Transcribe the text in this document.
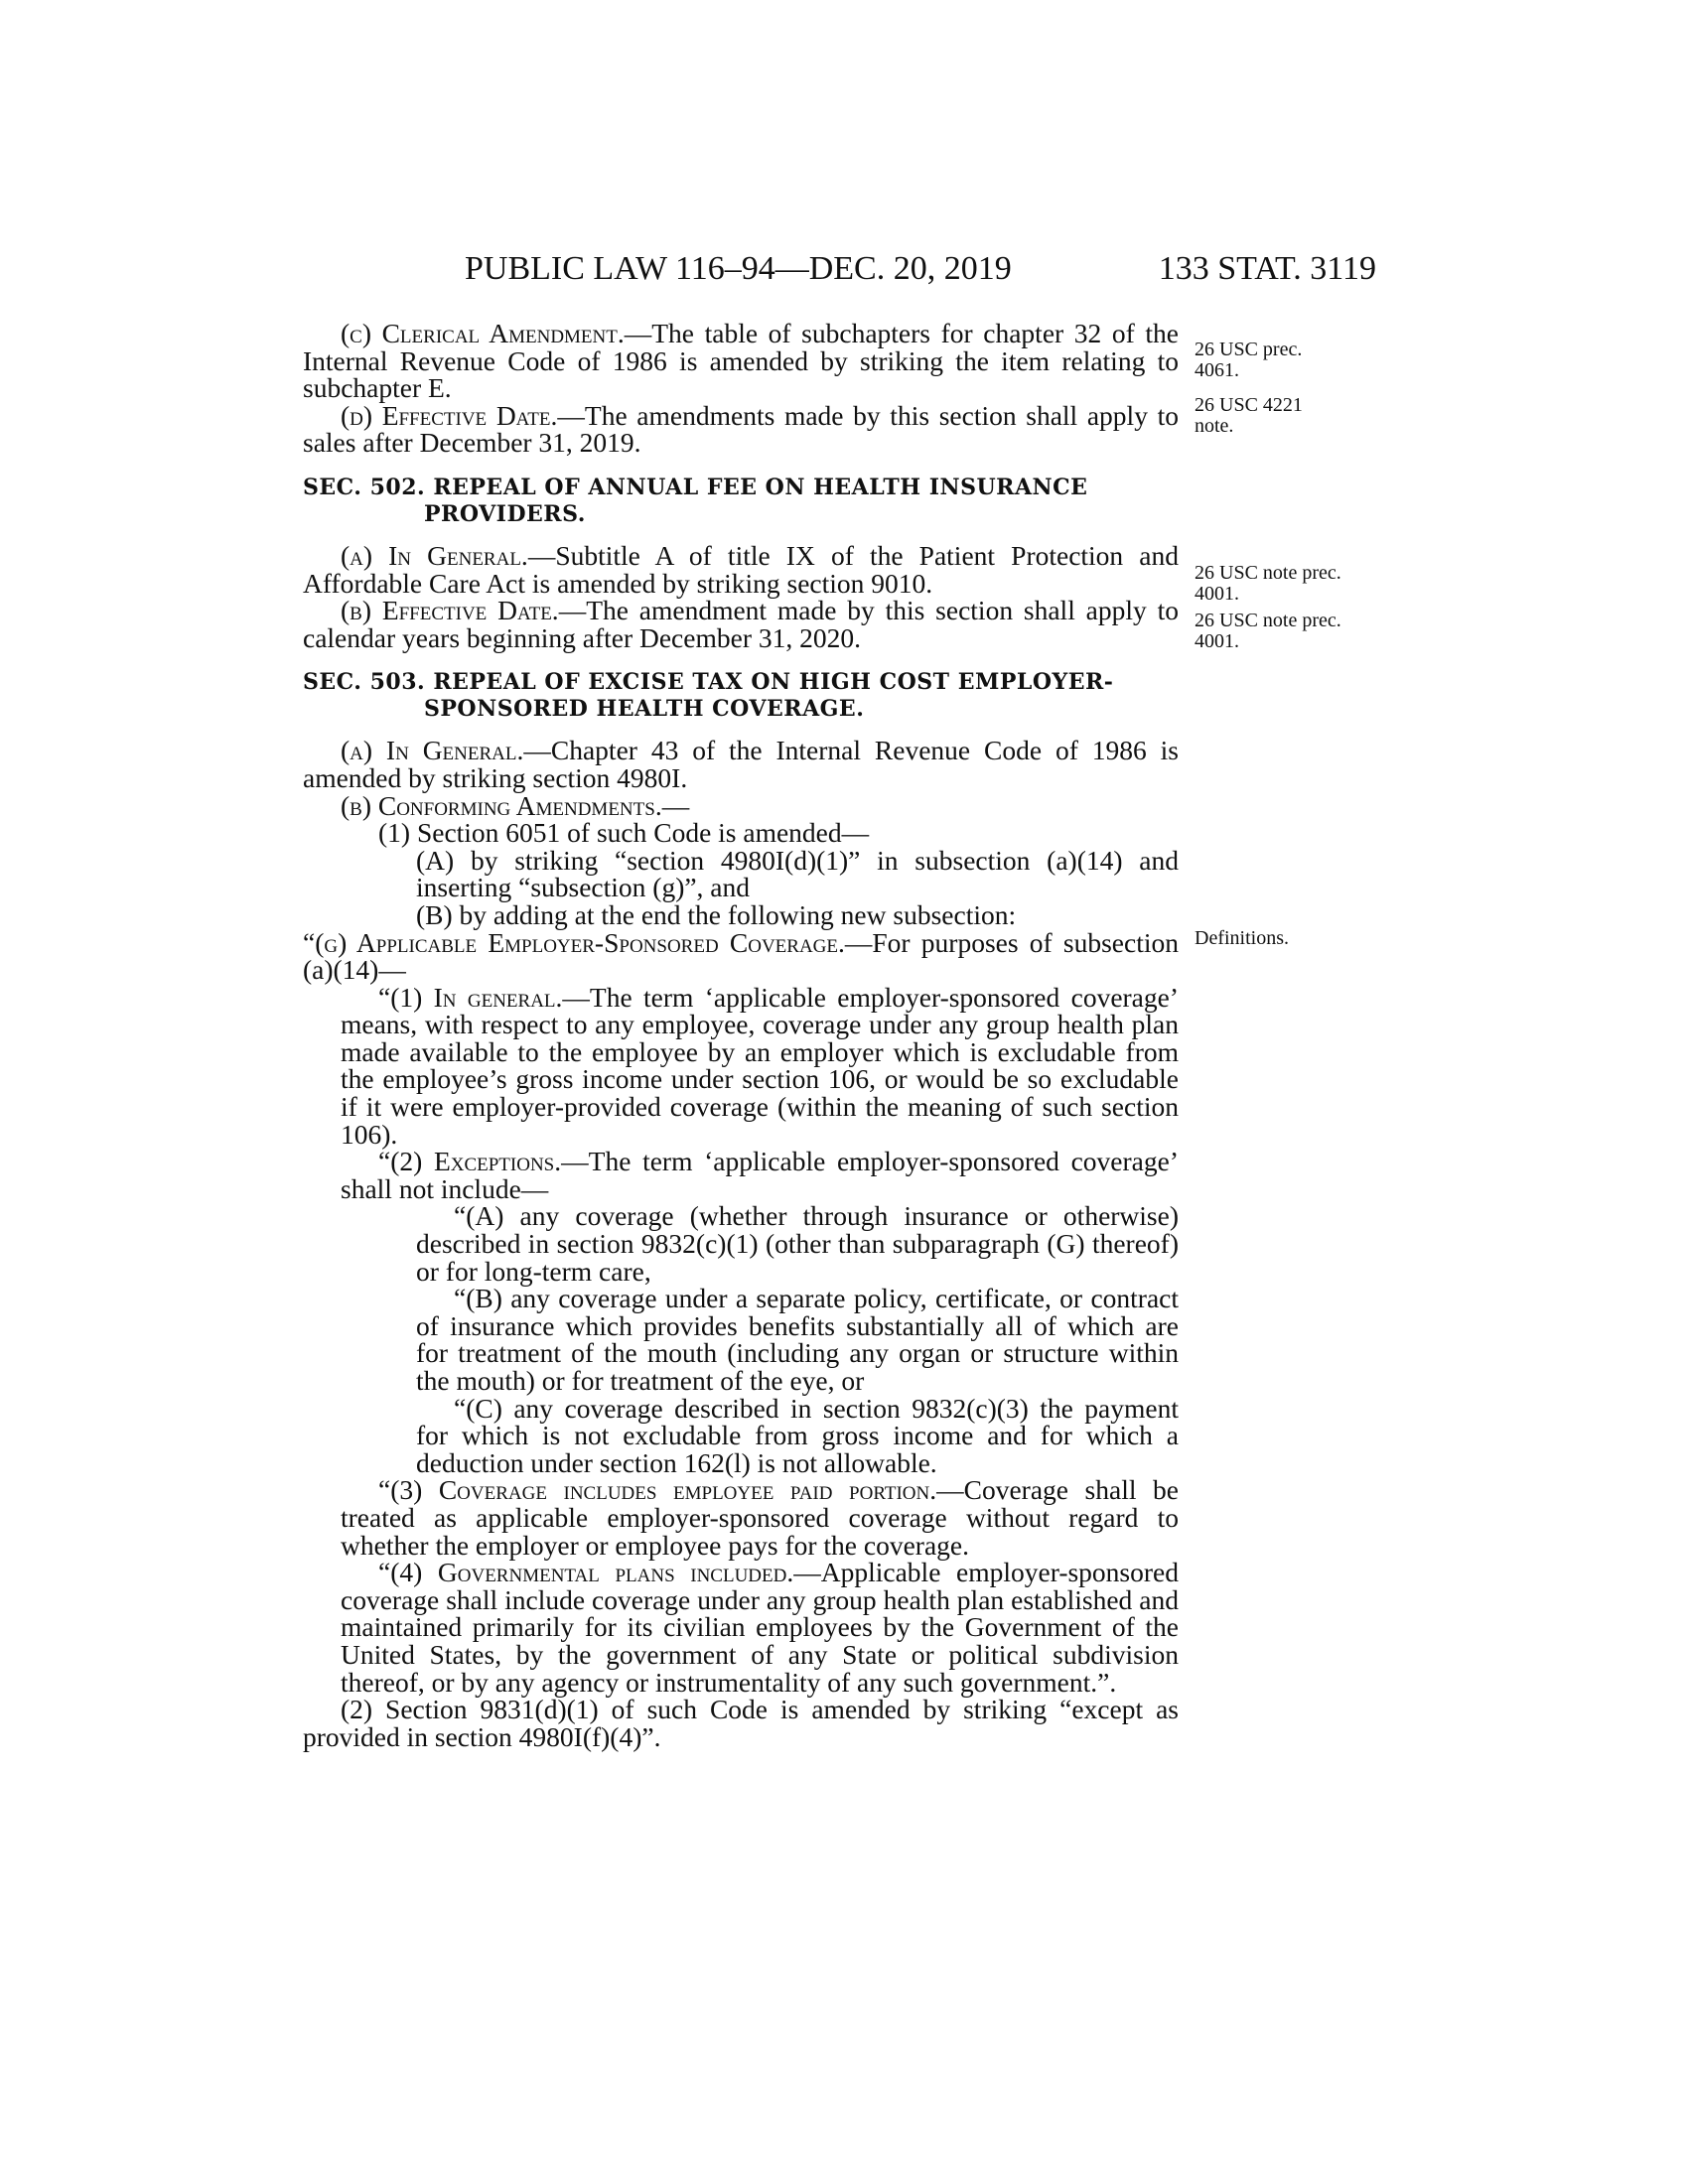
PUBLIC LAW 116–94—DEC. 20, 2019	133 STAT. 3119
26 USC prec. 4061.
26 USC 4221 note.
26 USC note prec. 4001.
26 USC note prec. 4001.
Definitions.

(c) Clerical Amendment.—The table of subchapters for chapter 32 of the Internal Revenue Code of 1986 is amended by striking the item relating to subchapter E.

(d) Effective Date.—The amendments made by this section shall apply to sales after December 31, 2019.

SEC. 502. REPEAL OF ANNUAL FEE ON HEALTH INSURANCE PROVIDERS.

(a) In General.—Subtitle A of title IX of the Patient Protection and Affordable Care Act is amended by striking section 9010.

(b) Effective Date.—The amendment made by this section shall apply to calendar years beginning after December 31, 2020.

SEC. 503. REPEAL OF EXCISE TAX ON HIGH COST EMPLOYER-SPONSORED HEALTH COVERAGE.

(a) In General.—Chapter 43 of the Internal Revenue Code of 1986 is amended by striking section 4980I.

(b) Conforming Amendments.—

(1) Section 6051 of such Code is amended—

(A) by striking “section 4980I(d)(1)” in subsection (a)(14) and inserting “subsection (g)”, and

(B) by adding at the end the following new subsection:

“(g) Applicable Employer-Sponsored Coverage.—For purposes of subsection (a)(14)—

“(1) In general.—The term ‘applicable employer-sponsored coverage’ means, with respect to any employee, coverage under any group health plan made available to the employee by an employer which is excludable from the employee’s gross income under section 106, or would be so excludable if it were employer-provided coverage (within the meaning of such section 106).

“(2) Exceptions.—The term ‘applicable employer-sponsored coverage’ shall not include—

“(A) any coverage (whether through insurance or otherwise) described in section 9832(c)(1) (other than subparagraph (G) thereof) or for long-term care,

“(B) any coverage under a separate policy, certificate, or contract of insurance which provides benefits substantially all of which are for treatment of the mouth (including any organ or structure within the mouth) or for treatment of the eye, or

“(C) any coverage described in section 9832(c)(3) the payment for which is not excludable from gross income and for which a deduction under section 162(l) is not allowable.

“(3) Coverage includes employee paid portion.—Coverage shall be treated as applicable employer-sponsored coverage without regard to whether the employer or employee pays for the coverage.

“(4) Governmental plans included.—Applicable employer-sponsored coverage shall include coverage under any group health plan established and maintained primarily for its civilian employees by the Government of the United States, by the government of any State or political subdivision thereof, or by any agency or instrumentality of any such government.”.

(2) Section 9831(d)(1) of such Code is amended by striking “except as provided in section 4980I(f)(4)”.
